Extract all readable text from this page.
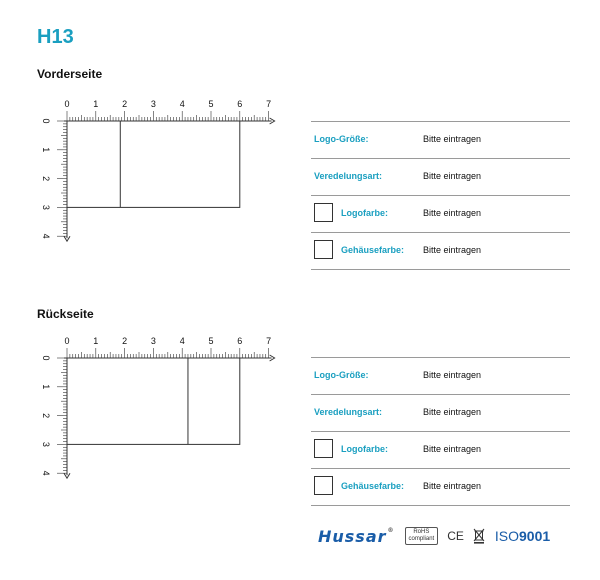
H13
Vorderseite
0	1	2	3	4	5	6	7
0
1
2
3
4
Logo-Größe:	Bitte eintragen
Veredelungsart:	Bitte eintragen
Logofarbe:	Bitte eintragen
Gehäusefarbe: Bitte eintragen
Rückseite
0	1	2	3	4	5	6	7
0
1
2
3
4
Logo-Größe:	Bitte eintragen
Veredelungsart:	Bitte eintragen
Logofarbe:	Bitte eintragen
Gehäusefarbe: Bitte eintragen
Hussar®	RoHS
compliant	CE ISO9001
